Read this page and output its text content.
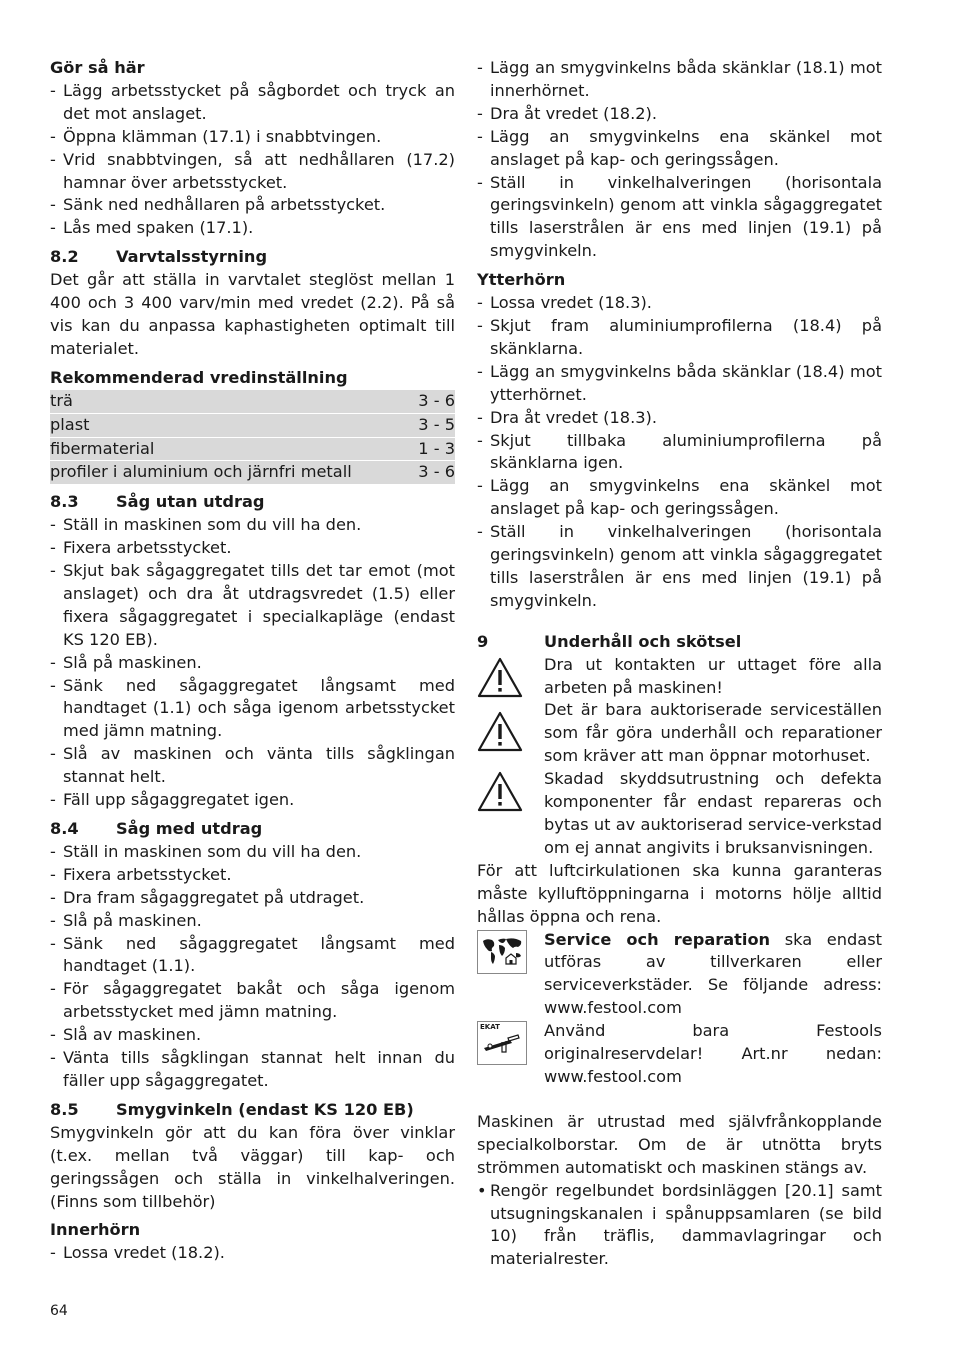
Gör så här
- Lägg arbetsstycket på sågbordet och tryck an det mot anslaget.
- Öppna klämman (17.1) i snabbtvingen.
- Vrid snabbtvingen, så att nedhållaren (17.2) hamnar över arbetsstycket.
- Sänk ned nedhållaren på arbetsstycket.
- Lås med spaken (17.1).
8.2 Varvtalsstyrning
Det går att ställa in varvtalet steglöst mellan 1 400 och 3 400 varv/min med vredet (2.2). På så vis kan du anpassa kaphastigheten optimalt till materialet.
Rekommenderad vredinställning
trä	3 - 6
plast	3 - 5
fibermaterial	1 - 3
profiler i aluminium och järnfri metall	3 - 6
8.3 Såg utan utdrag
- Ställ in maskinen som du vill ha den.
- Fixera arbetsstycket.
- Skjut bak sågaggregatet tills det tar emot (mot anslaget) och dra åt utdragsvredet (1.5) eller fixera sågaggregatet i specialkapläge (endast KS 120 EB).
- Slå på maskinen.
- Sänk ned sågaggregatet långsamt med handtaget (1.1) och såga igenom arbetsstycket med jämn matning.
- Slå av maskinen och vänta tills sågklingan stannat helt.
- Fäll upp sågaggregatet igen.
8.4 Såg med utdrag
- Ställ in maskinen som du vill ha den.
- Fixera arbetsstycket.
- Dra fram sågaggregatet på utdraget.
- Slå på maskinen.
- Sänk ned sågaggregatet långsamt med handtaget (1.1).
- För sågaggregatet bakåt och såga igenom arbetsstycket med jämn matning.
- Slå av maskinen.
- Vänta tills sågklingan stannat helt innan du fäller upp sågaggregatet.
8.5 Smygvinkeln (endast KS 120 EB)
Smygvinkeln gör att du kan föra över vinklar (t.ex. mellan två väggar) till kap- och geringssågen och ställa in vinkelhalveringen. (Finns som tillbehör)
Innerhörn
- Lossa vredet (18.2).
- Lägg an smygvinkelns båda skänklar (18.1) mot innerhörnet.
- Dra åt vredet (18.2).
- Lägg an smygvinkelns ena skänkel mot anslaget på kap- och geringssågen.
- Ställ in vinkelhalveringen (horisontala geringsvinkeln) genom att vinkla sågaggregatet tills laserstrålen är ens med linjen (19.1) på smygvinkeln.
Ytterhörn
- Lossa vredet (18.3).
- Skjut fram aluminiumprofilerna (18.4) på skänklarna.
- Lägg an smygvinkelns båda skänklar (18.4) mot ytterhörnet.
- Dra åt vredet (18.3).
- Skjut tillbaka aluminiumprofilerna på skänklarna igen.
- Lägg an smygvinkelns ena skänkel mot anslaget på kap- och geringssågen.
- Ställ in vinkelhalveringen (horisontala geringsvinkeln) genom att vinkla sågaggregatet tills laserstrålen är ens med linjen (19.1) på smygvinkeln.
9	Underhåll och skötsel
Dra ut kontakten ur uttaget före alla arbeten på maskinen!
Det är bara auktoriserade serviceställen som får göra underhåll och reparationer som kräver att man öppnar motorhuset.
Skadad skyddsutrustning och defekta komponenter får endast repareras och bytas ut av auktoriserad service-verkstad om ej annat angivits i bruksanvisningen.
För att luftcirkulationen ska kunna garanteras måste kylluftöppningarna i motorns hölje alltid hållas öppna och rena.
Service och reparation ska endast utföras av tillverkaren eller serviceverkstäder. Se följande adress: www.festool.com
EKAT	Använd bara Festools originalreservdelar! Art.nr nedan: www.festool.com
Maskinen är utrustad med självfrånkopplande specialkolborstar. Om de är utnötta bryts strömmen automatiskt och maskinen stängs av.
• Rengör regelbundet bordsinläggen [20.1] samt utsugningskanalen i spånuppsamlaren (se bild 10) från träflis, dammavlagringar och materialrester.
64
